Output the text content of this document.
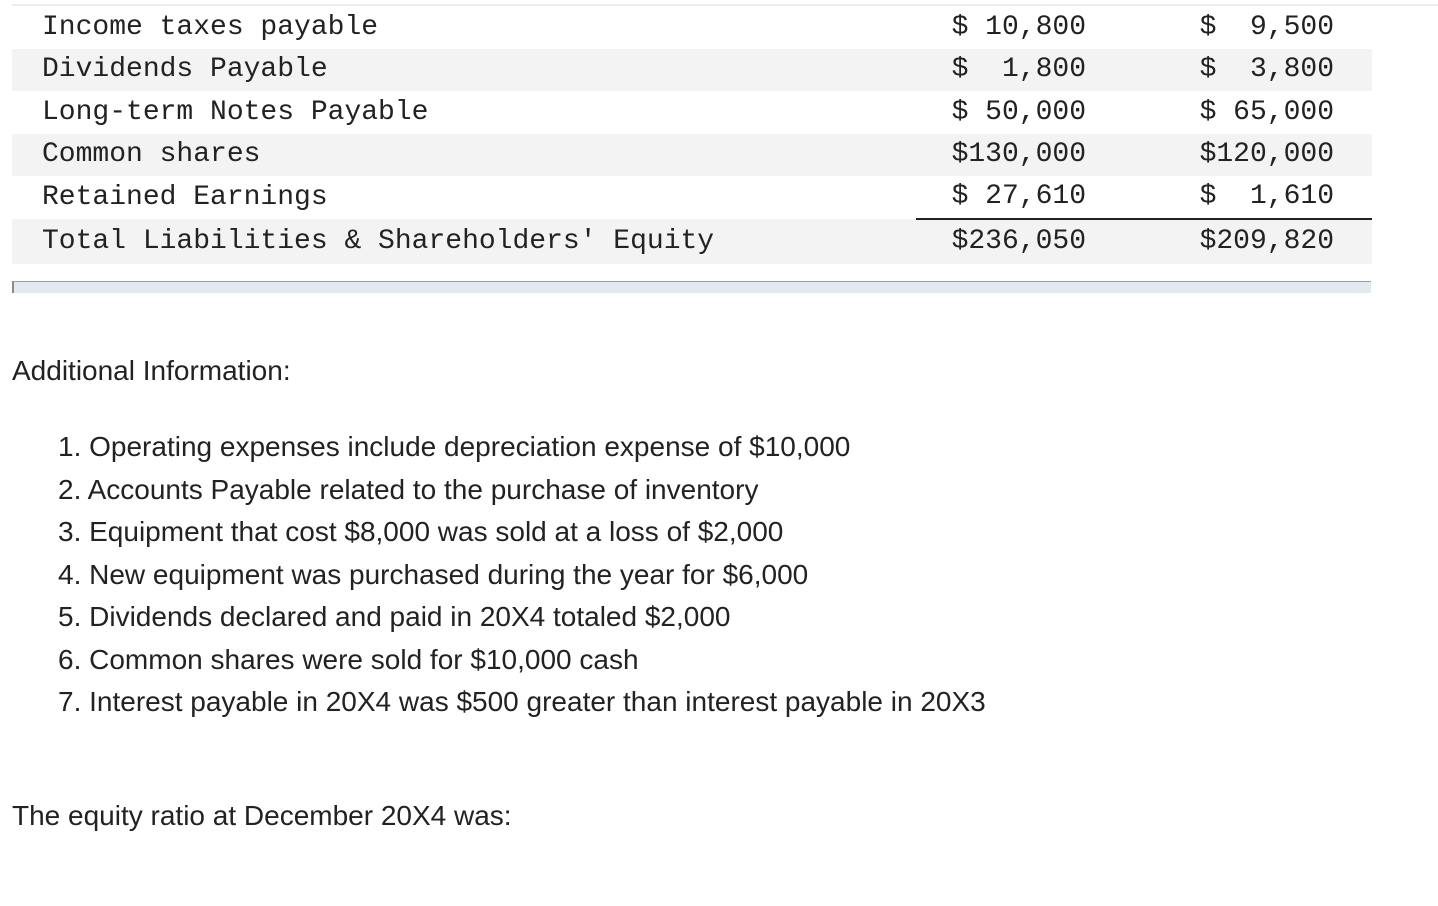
Income taxes payable	$ 10,800	$  9,500
Dividends Payable	$  1,800	$  3,800
Long-term Notes Payable	$ 50,000	$ 65,000
Common shares	$130,000	$120,000
Retained Earnings	$ 27,610	$  1,610
Total Liabilities & Shareholders' Equity	$236,050	$209,820
Additional Information:
1. Operating expenses include depreciation expense of $10,000
2. Accounts Payable related to the purchase of inventory
3. Equipment that cost $8,000 was sold at a loss of $2,000
4. New equipment was purchased during the year for $6,000
5. Dividends declared and paid in 20X4 totaled $2,000
6. Common shares were sold for $10,000 cash
7. Interest payable in 20X4 was $500 greater than interest payable in 20X3

The equity ratio at December 20X4 was:
